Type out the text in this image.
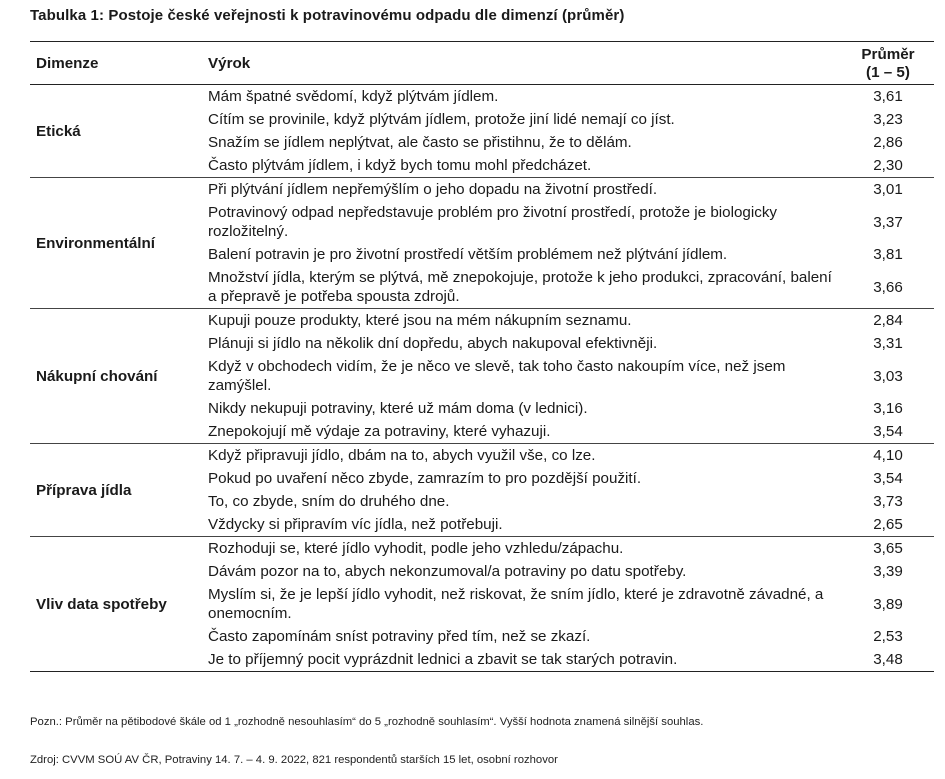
Tabulka 1: Postoje české veřejnosti k potravinovému odpadu dle dimenzí (průměr)
Dimenze	Výrok	Průměr
(1 – 5)
Etická	Mám špatné svědomí, když plýtvám jídlem.	3,61
	Cítím se provinile, když plýtvám jídlem, protože jiní lidé nemají co jíst.	3,23
	Snažím se jídlem neplýtvat, ale často se přistihnu, že to dělám.	2,86
	Často plýtvám jídlem, i když bych tomu mohl předcházet.	2,30
Environmentální	Při plýtvání jídlem nepřemýšlím o jeho dopadu na životní prostředí.	3,01
	Potravinový odpad nepředstavuje problém pro životní prostředí, protože je biologicky rozložitelný.	3,37
	Balení potravin je pro životní prostředí větším problémem než plýtvání jídlem.	3,81
	Množství jídla, kterým se plýtvá, mě znepokojuje, protože k jeho produkci, zpracování, balení a přepravě je potřeba spousta zdrojů.	3,66
Nákupní chování	Kupuji pouze produkty, které jsou na mém nákupním seznamu.	2,84
	Plánuji si jídlo na několik dní dopředu, abych nakupoval efektivněji.	3,31
	Když v obchodech vidím, že je něco ve slevě, tak toho často nakoupím více, než jsem zamýšlel.	3,03
	Nikdy nekupuji potraviny, které už mám doma (v lednici).	3,16
	Znepokojují mě výdaje za potraviny, které vyhazuji.	3,54
Příprava jídla	Když připravuji jídlo, dbám na to, abych využil vše, co lze.	4,10
	Pokud po uvaření něco zbyde, zamrazím to pro pozdější použití.	3,54
	To, co zbyde, sním do druhého dne.	3,73
	Vždycky si připravím víc jídla, než potřebuji.	2,65
Vliv data spotřeby	Rozhoduji se, které jídlo vyhodit, podle jeho vzhledu/zápachu.	3,65
	Dávám pozor na to, abych nekonzumoval/a potraviny po datu spotřeby.	3,39
	Myslím si, že je lepší jídlo vyhodit, než riskovat, že sním jídlo, které je zdravotně závadné, a onemocním.	3,89
	Často zapomínám sníst potraviny před tím, než se zkazí.	2,53
	Je to příjemný pocit vyprázdnit lednici a zbavit se tak starých potravin.	3,48
Pozn.: Průměr na pětibodové škále od 1 „rozhodně nesouhlasím“ do 5 „rozhodně souhlasím“. Vyšší hodnota znamená silnější souhlas.
Zdroj: CVVM SOÚ AV ČR, Potraviny 14. 7. – 4. 9. 2022, 821 respondentů starších 15 let, osobní rozhovor
